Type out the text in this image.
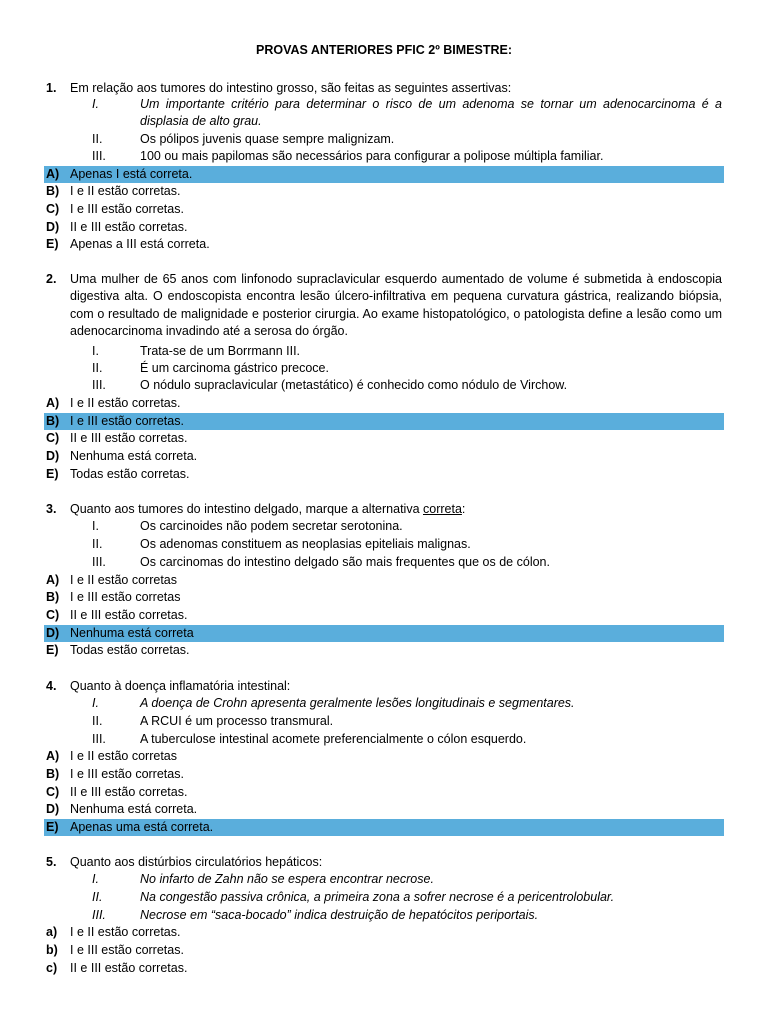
PROVAS ANTERIORES PFIC 2º BIMESTRE:
1. Em relação aos tumores do intestino grosso, são feitas as seguintes assertivas:
I.	Um importante critério para determinar o risco de um adenoma se tornar um adenocarcinoma é a displasia de alto grau.
II.	Os pólipos juvenis quase sempre malignizam.
III.	100 ou mais papilomas são necessários para configurar a polipose múltipla familiar.
A) Apenas I está correta.
B) I e II estão corretas.
C) I e III estão corretas.
D) II e III estão corretas.
E) Apenas a III está correta.
2. Uma mulher de 65 anos com linfonodo supraclavicular esquerdo aumentado de volume é submetida à endoscopia digestiva alta. O endoscopista encontra lesão úlcero-infiltrativa em pequena curvatura gástrica, realizando biópsia, com o resultado de malignidade e posterior cirurgia. Ao exame histopatológico, o patologista define a lesão como um adenocarcinoma invadindo até a serosa do órgão.
I.	Trata-se de um Borrmann III.
II.	É um carcinoma gástrico precoce.
III.	O nódulo supraclavicular (metastático) é conhecido como nódulo de Virchow.
A) I e II estão corretas.
B) I e III estão corretas.
C) II e III estão corretas.
D) Nenhuma está correta.
E) Todas estão corretas.
3. Quanto aos tumores do intestino delgado, marque a alternativa correta:
I.	Os carcinoides não podem secretar serotonina.
II.	Os adenomas constituem as neoplasias epiteliais malignas.
III.	Os carcinomas do intestino delgado são mais frequentes que os de cólon.
A) I e II estão corretas
B) I e III estão corretas
C) II e III estão corretas.
D) Nenhuma está correta
E) Todas estão corretas.
4. Quanto à doença inflamatória intestinal:
I.	A doença de Crohn apresenta geralmente lesões longitudinais e segmentares.
II.	A RCUI é um processo transmural.
III.	A tuberculose intestinal acomete preferencialmente o cólon esquerdo.
A) I e II estão corretas
B) I e III estão corretas.
C) II e III estão corretas.
D) Nenhuma está correta.
E) Apenas uma está correta.
5. Quanto aos distúrbios circulatórios hepáticos:
I.	No infarto de Zahn não se espera encontrar necrose.
II.	Na congestão passiva crônica, a primeira zona a sofrer necrose é a pericentrolobular.
III.	Necrose em “saca-bocado” indica destruição de hepatócitos periportais.
a) I e II estão corretas.
b) I e III estão corretas.
c) II e III estão corretas.
